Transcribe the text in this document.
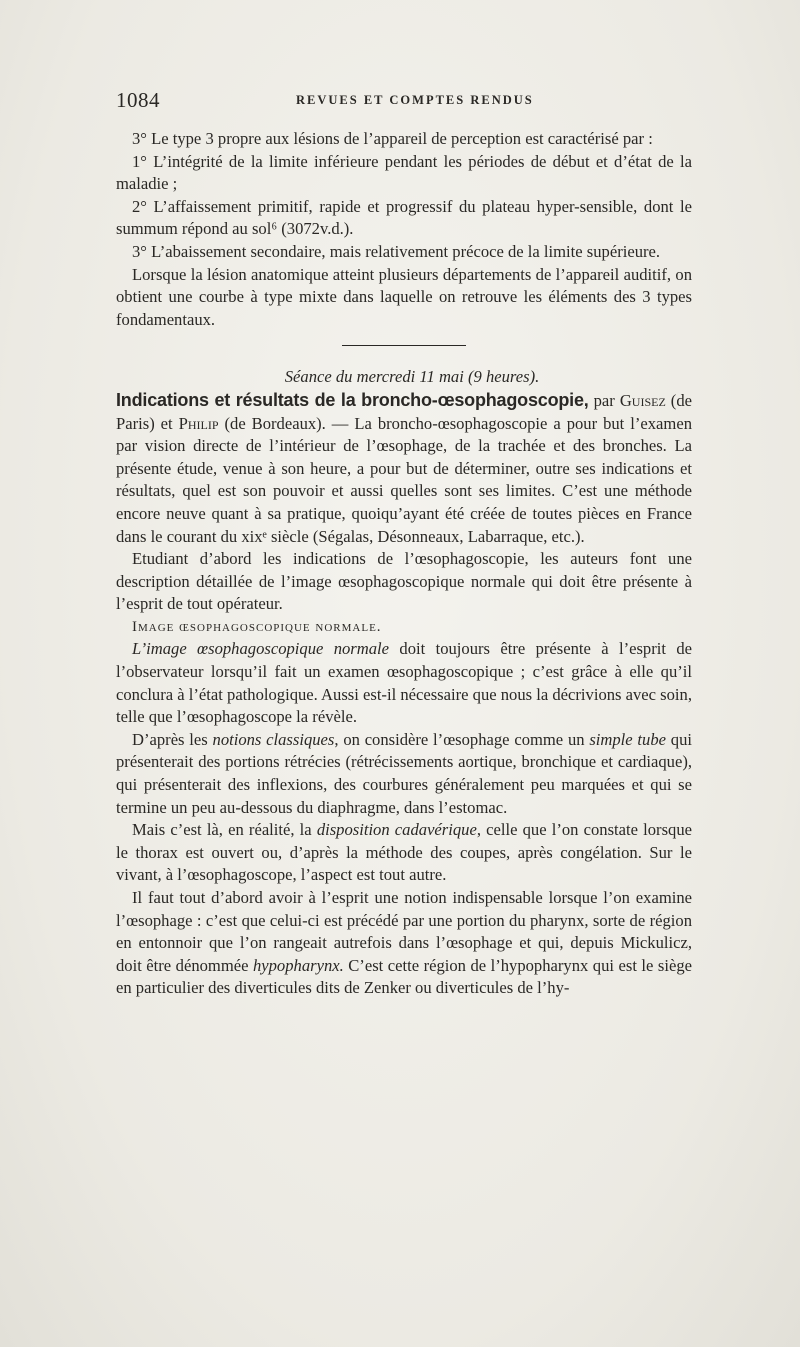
1084	REVUES ET COMPTES RENDUS

3° Le type 3 propre aux lésions de l’appareil de perception est caractérisé par :

1° L’intégrité de la limite inférieure pendant les périodes de début et d’état de la maladie ;

2° L’affaissement primitif, rapide et progressif du plateau hyper-sensible, dont le summum répond au sol⁶ (3072v.d.).

3° L’abaissement secondaire, mais relativement précoce de la limite supérieure.

Lorsque la lésion anatomique atteint plusieurs départements de l’appareil auditif, on obtient une courbe à type mixte dans laquelle on retrouve les éléments des 3 types fondamentaux.

Séance du mercredi 11 mai (9 heures).

Indications et résultats de la broncho-œsophagoscopie, par Guisez (de Paris) et Philip (de Bordeaux). — La broncho-œsophagoscopie a pour but l’examen par vision directe de l’intérieur de l’œsophage, de la trachée et des bronches. La présente étude, venue à son heure, a pour but de déterminer, outre ses indications et résultats, quel est son pouvoir et aussi quelles sont ses limites. C’est une méthode encore neuve quant à sa pratique, quoiqu’ayant été créée de toutes pièces en France dans le courant du xixᵉ siècle (Ségalas, Désonneaux, Labarraque, etc.).

Etudiant d’abord les indications de l’œsophagoscopie, les auteurs font une description détaillée de l’image œsophagoscopique normale qui doit être présente à l’esprit de tout opérateur.

Image œsophagoscopique normale.

L’image œsophagoscopique normale doit toujours être présente à l’esprit de l’observateur lorsqu’il fait un examen œsophagoscopique ; c’est grâce à elle qu’il conclura à l’état pathologique. Aussi est-il nécessaire que nous la décrivions avec soin, telle que l’œsophagoscope la révèle.

D’après les notions classiques, on considère l’œsophage comme un simple tube qui présenterait des portions rétrécies (rétrécissements aortique, bronchique et cardiaque), qui présenterait des inflexions, des courbures généralement peu marquées et qui se termine un peu au-dessous du diaphragme, dans l’estomac.

Mais c’est là, en réalité, la disposition cadavérique, celle que l’on constate lorsque le thorax est ouvert ou, d’après la méthode des coupes, après congélation. Sur le vivant, à l’œsophagoscope, l’aspect est tout autre.

Il faut tout d’abord avoir à l’esprit une notion indispensable lorsque l’on examine l’œsophage : c’est que celui-ci est précédé par une portion du pharynx, sorte de région en entonnoir que l’on rangeait autrefois dans l’œsophage et qui, depuis Mickulicz, doit être dénommée hypopharynx. C’est cette région de l’hypopharynx qui est le siège en particulier des diverticules dits de Zenker ou diverticules de l’hy-
